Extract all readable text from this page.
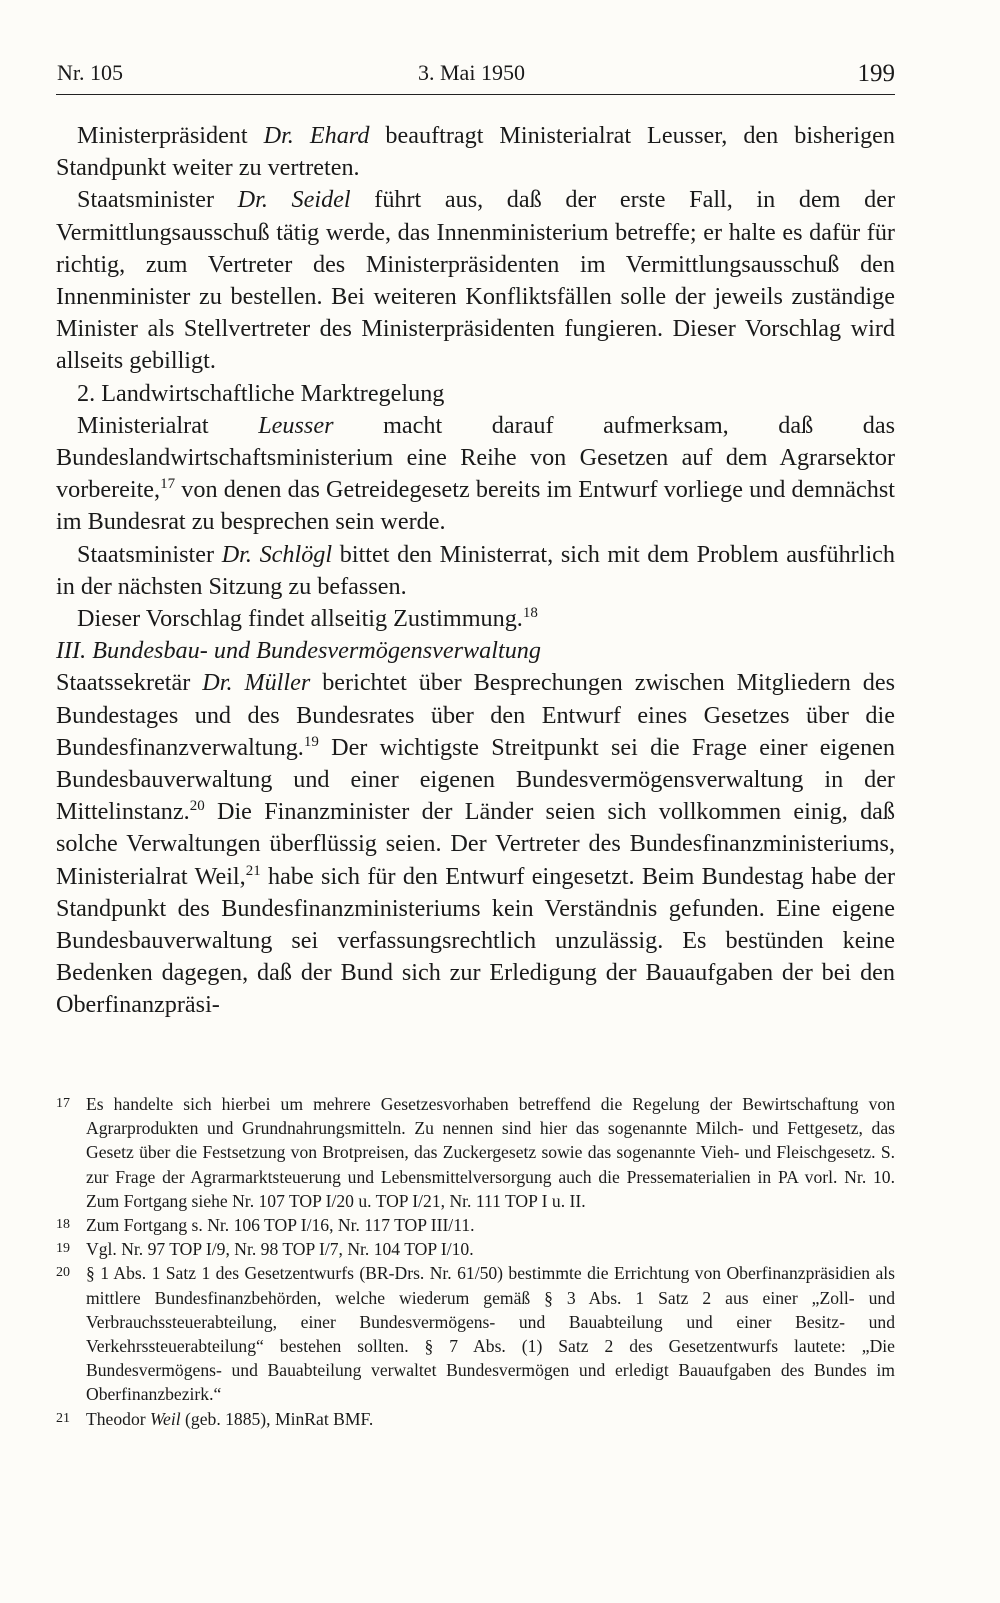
Nr. 105	3. Mai 1950	199

Ministerpräsident Dr. Ehard beauftragt Ministerialrat Leusser, den bisherigen Standpunkt weiter zu vertreten.

Staatsminister Dr. Seidel führt aus, daß der erste Fall, in dem der Vermittlungsausschuß tätig werde, das Innenministerium betreffe; er halte es dafür für richtig, zum Vertreter des Ministerpräsidenten im Vermittlungsausschuß den Innenminister zu bestellen. Bei weiteren Konfliktsfällen solle der jeweils zuständige Minister als Stellvertreter des Ministerpräsidenten fungieren. Dieser Vorschlag wird allseits gebilligt.

2. Landwirtschaftliche Marktregelung

Ministerialrat Leusser macht darauf aufmerksam, daß das Bundeslandwirtschaftsministerium eine Reihe von Gesetzen auf dem Agrarsektor vorbereite,$^{17}$ von denen das Getreidegesetz bereits im Entwurf vorliege und demnächst im Bundesrat zu besprechen sein werde.

Staatsminister Dr. Schlögl bittet den Ministerrat, sich mit dem Problem ausführlich in der nächsten Sitzung zu befassen.

Dieser Vorschlag findet allseitig Zustimmung.$^{18}$

III. Bundesbau- und Bundesvermögensverwaltung

Staatssekretär Dr. Müller berichtet über Besprechungen zwischen Mitgliedern des Bundestages und des Bundesrates über den Entwurf eines Gesetzes über die Bundesfinanzverwaltung.$^{19}$ Der wichtigste Streitpunkt sei die Frage einer eigenen Bundesbauverwaltung und einer eigenen Bundesvermögensverwaltung in der Mittelinstanz.$^{20}$ Die Finanzminister der Länder seien sich vollkommen einig, daß solche Verwaltungen überflüssig seien. Der Vertreter des Bundesfinanzministeriums, Ministerialrat Weil,$^{21}$ habe sich für den Entwurf eingesetzt. Beim Bundestag habe der Standpunkt des Bundesfinanzministeriums kein Verständnis gefunden. Eine eigene Bundesbauverwaltung sei verfassungsrechtlich unzulässig. Es bestünden keine Bedenken dagegen, daß der Bund sich zur Erledigung der Bauaufgaben der bei den Oberfinanzpräsi-

17 Es handelte sich hierbei um mehrere Gesetzesvorhaben betreffend die Regelung der Bewirtschaftung von Agrarprodukten und Grundnahrungsmitteln. Zu nennen sind hier das sogenannte Milch- und Fettgesetz, das Gesetz über die Festsetzung von Brotpreisen, das Zuckergesetz sowie das sogenannte Vieh- und Fleischgesetz. S. zur Frage der Agrarmarktsteuerung und Lebensmittelversorgung auch die Pressematerialien in PA vorl. Nr. 10. Zum Fortgang siehe Nr. 107 TOP I/20 u. TOP I/21, Nr. 111 TOP I u. II.
18 Zum Fortgang s. Nr. 106 TOP I/16, Nr. 117 TOP III/11.
19 Vgl. Nr. 97 TOP I/9, Nr. 98 TOP I/7, Nr. 104 TOP I/10.
20 § 1 Abs. 1 Satz 1 des Gesetzentwurfs (BR-Drs. Nr. 61/50) bestimmte die Errichtung von Oberfinanzpräsidien als mittlere Bundesfinanzbehörden, welche wiederum gemäß § 3 Abs. 1 Satz 2 aus einer „Zoll- und Verbrauchssteuerabteilung, einer Bundesvermögens- und Bauabteilung und einer Besitz- und Verkehrssteuerabteilung“ bestehen sollten. § 7 Abs. (1) Satz 2 des Gesetzentwurfs lautete: „Die Bundesvermögens- und Bauabteilung verwaltet Bundesvermögen und erledigt Bauaufgaben des Bundes im Oberfinanzbezirk.“
21 Theodor Weil (geb. 1885), MinRat BMF.
